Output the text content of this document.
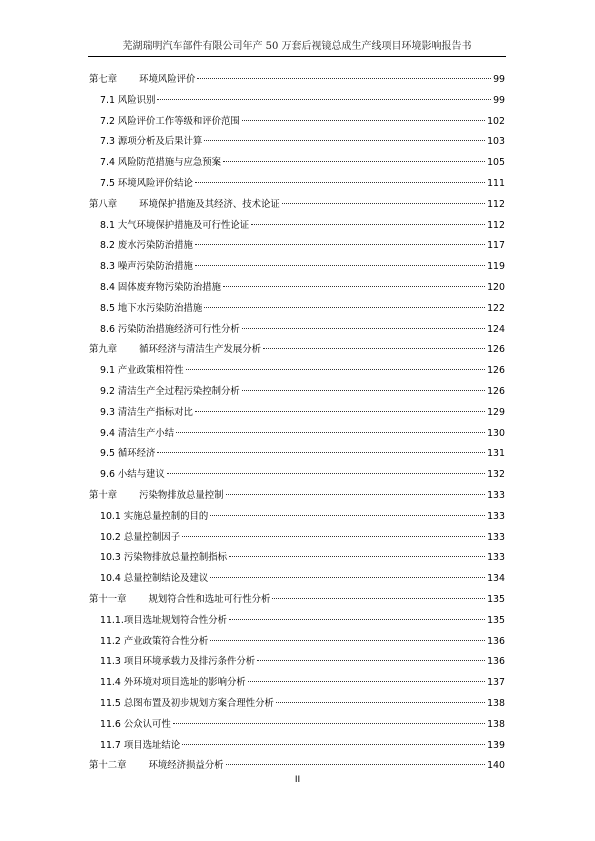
芜湖瑞明汽车部件有限公司年产 50 万套后视镜总成生产线项目环境影响报告书
第七章 环境风险评价	99
7.1 风险识别	99
7.2 风险评价工作等级和评价范围	102
7.3 源项分析及后果计算	103
7.4 风险防范措施与应急预案	105
7.5 环境风险评价结论	111
第八章 环境保护措施及其经济、技术论证	112
8.1 大气环境保护措施及可行性论证	112
8.2 废水污染防治措施	117
8.3 噪声污染防治措施	119
8.4 固体废弃物污染防治措施	120
8.5 地下水污染防治措施	122
8.6 污染防治措施经济可行性分析	124
第九章 循环经济与清洁生产发展分析	126
9.1 产业政策相符性	126
9.2 清洁生产全过程污染控制分析	126
9.3 清洁生产指标对比	129
9.4 清洁生产小结	130
9.5 循环经济	131
9.6 小结与建议	132
第十章 污染物排放总量控制	133
10.1 实施总量控制的目的	133
10.2 总量控制因子	133
10.3 污染物排放总量控制指标	133
10.4 总量控制结论及建议	134
第十一章 规划符合性和选址可行性分析	135
11.1.项目选址规划符合性分析	135
11.2 产业政策符合性分析	136
11.3 项目环境承载力及排污条件分析	136
11.4 外环境对项目选址的影响分析	137
11.5 总图布置及初步规划方案合理性分析	138
11.6 公众认可性	138
11.7 项目选址结论	139
第十二章 环境经济损益分析	140
II
